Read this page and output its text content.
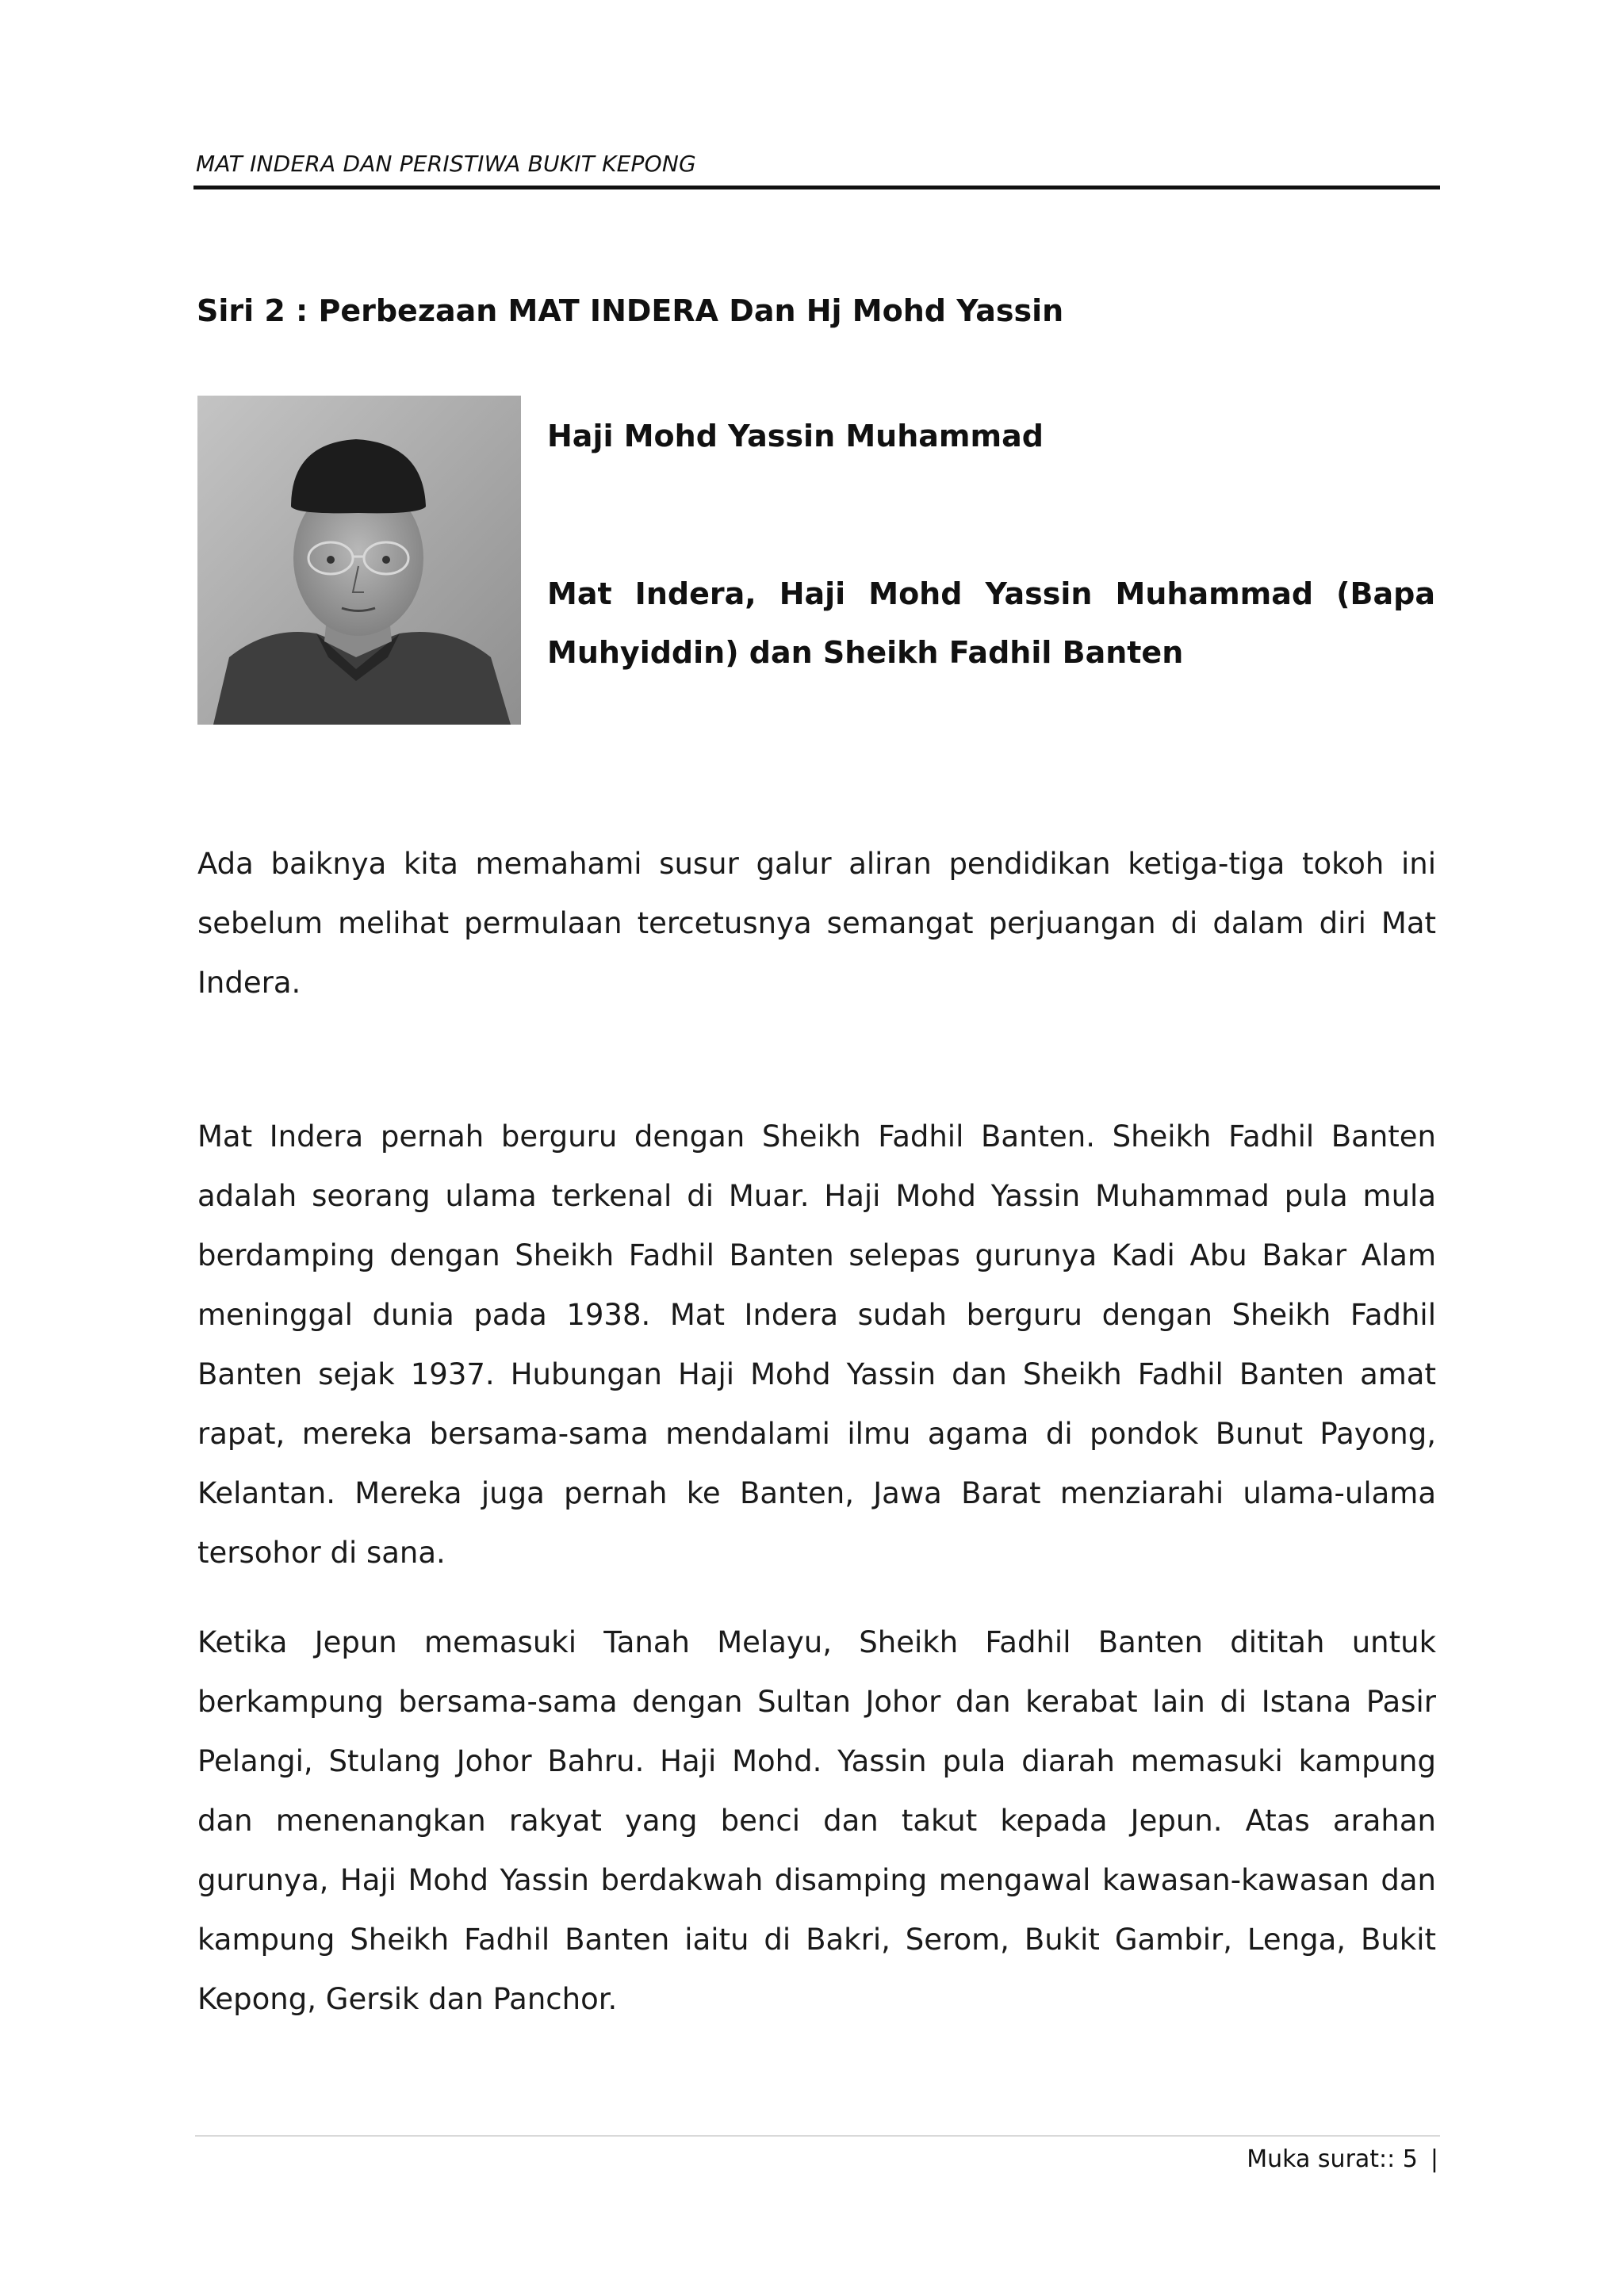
MAT INDERA DAN PERISTIWA BUKIT KEPONG
Siri 2 : Perbezaan MAT INDERA Dan Hj Mohd Yassin
Haji Mohd Yassin Muhammad
Mat Indera, Haji Mohd Yassin Muhammad (Bapa Muhyiddin) dan Sheikh Fadhil Banten

Ada baiknya kita memahami susur galur aliran pendidikan ketiga-tiga tokoh ini sebelum melihat permulaan tercetusnya semangat perjuangan di dalam diri Mat Indera.

Mat Indera pernah berguru dengan Sheikh Fadhil Banten. Sheikh Fadhil Banten adalah seorang ulama terkenal di Muar. Haji Mohd Yassin Muhammad pula mula berdamping dengan Sheikh Fadhil Banten selepas gurunya Kadi Abu Bakar Alam meninggal dunia pada 1938. Mat Indera sudah berguru dengan Sheikh Fadhil Banten sejak 1937. Hubungan Haji Mohd Yassin dan Sheikh Fadhil Banten amat rapat, mereka bersama-sama mendalami ilmu agama di pondok Bunut Payong, Kelantan. Mereka juga pernah ke Banten, Jawa Barat menziarahi ulama-ulama tersohor di sana.

Ketika Jepun memasuki Tanah Melayu, Sheikh Fadhil Banten dititah untuk berkampung bersama-sama dengan Sultan Johor dan kerabat lain di Istana Pasir Pelangi, Stulang Johor Bahru. Haji Mohd. Yassin pula diarah memasuki kampung dan menenangkan rakyat yang benci dan takut kepada Jepun. Atas arahan gurunya, Haji Mohd Yassin berdakwah disamping mengawal kawasan-kawasan dan kampung Sheikh Fadhil Banten iaitu di Bakri, Serom, Bukit Gambir, Lenga, Bukit Kepong, Gersik dan Panchor.

Muka surat:: 5 |
